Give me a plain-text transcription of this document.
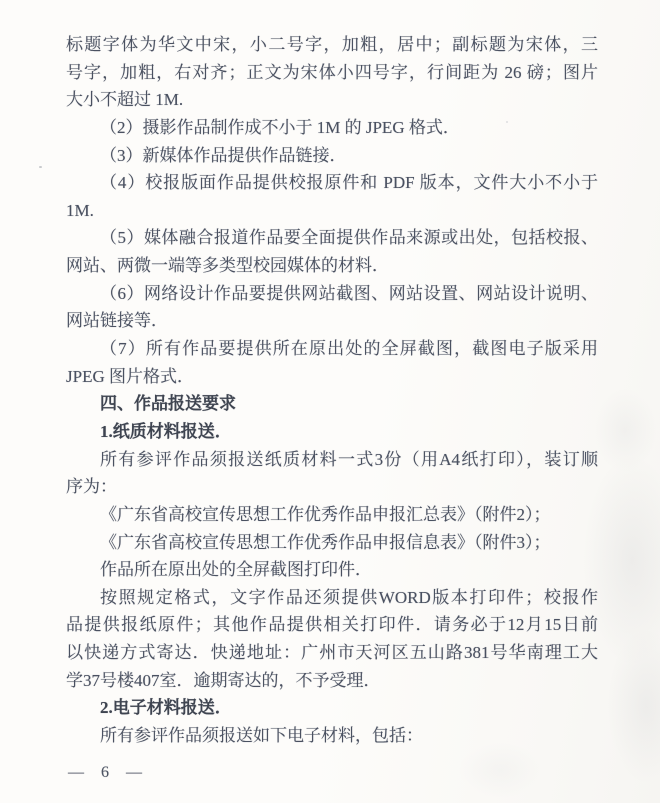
标题字体为华文中宋，小二号字，加粗，居中；副标题为宋体，三
号字，加粗，右对齐；正文为宋体小四号字，行间距为 26 磅；图片
大小不超过 1M.
（2）摄影作品制作成不小于 1M 的 JPEG 格式．
（3）新媒体作品提供作品链接．
（4）校报版面作品提供校报原件和 PDF 版本，文件大小不小于
1M.
（5）媒体融合报道作品要全面提供作品来源或出处，包括校报、
网站、两微一端等多类型校园媒体的材料．
（6）网络设计作品要提供网站截图、网站设置、网站设计说明、
网站链接等．
（7）所有作品要提供所在原出处的全屏截图，截图电子版采用
JPEG 图片格式．
四、作品报送要求
1.纸质材料报送．
所有参评作品须报送纸质材料一式3份（用A4纸打印），装订顺
序为：
《广东省高校宣传思想工作优秀作品申报汇总表》（附件2）；
《广东省高校宣传思想工作优秀作品申报信息表》（附件3）；
作品所在原出处的全屏截图打印件．
按照规定格式，文字作品还须提供WORD版本打印件；校报作
品提供报纸原件；其他作品提供相关打印件．请务必于12月15日前
以快递方式寄达．快递地址：广州市天河区五山路381号华南理工大
学37号楼407室．逾期寄达的，不予受理．
2.电子材料报送．
所有参评作品须报送如下电子材料，包括：
— 6 —
